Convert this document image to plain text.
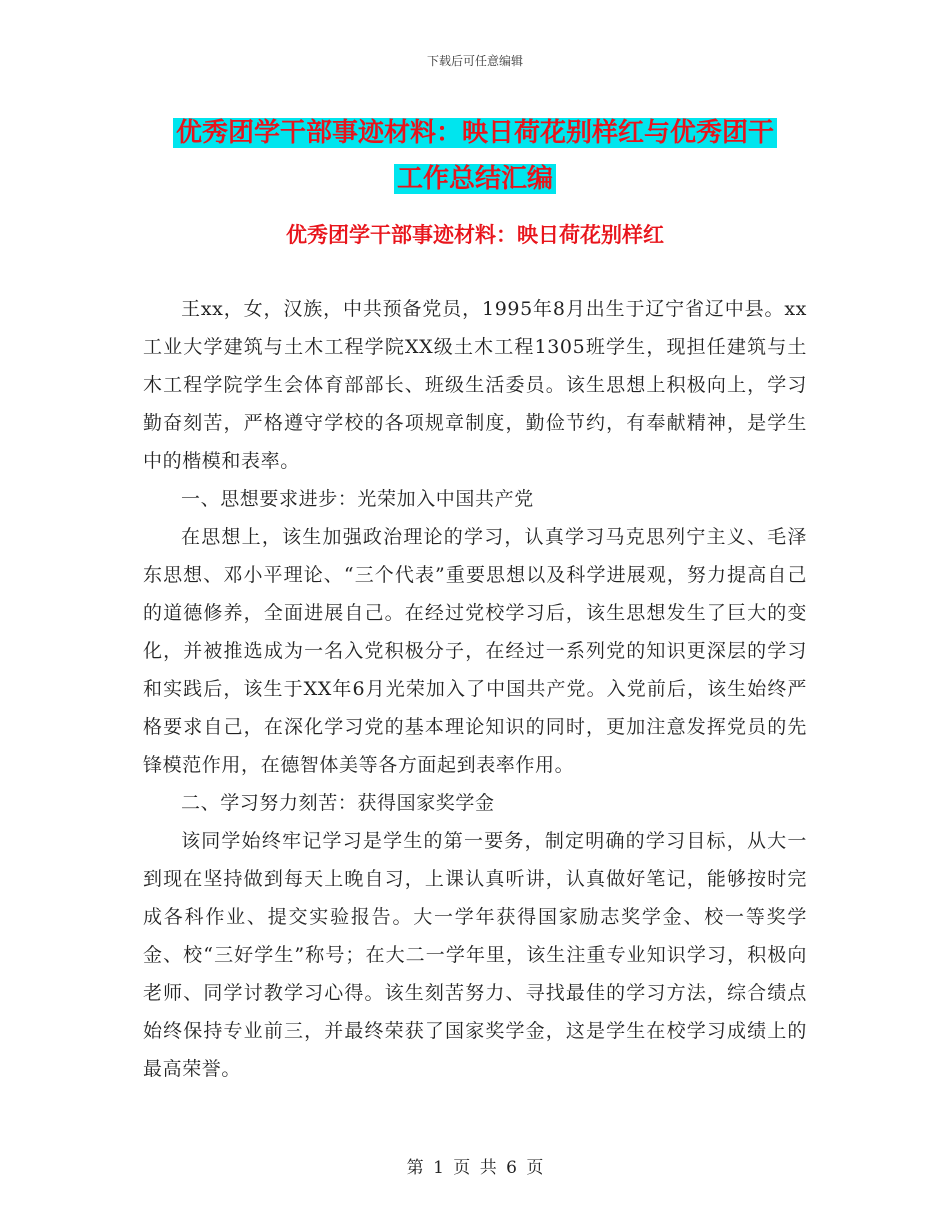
下载后可任意编辑
优秀团学干部事迹材料：映日荷花别样红与优秀团干
工作总结汇编
优秀团学干部事迹材料：映日荷花别样红

王xx，女，汉族，中共预备党员，1995年8月出生于辽宁省辽中县。xx工业大学建筑与土木工程学院XX级土木工程1305班学生，现担任建筑与土木工程学院学生会体育部部长、班级生活委员。该生思想上积极向上，学习勤奋刻苦，严格遵守学校的各项规章制度，勤俭节约，有奉献精神，是学生中的楷模和表率。

一、思想要求进步：光荣加入中国共产党

在思想上，该生加强政治理论的学习，认真学习马克思列宁主义、毛泽东思想、邓小平理论、“三个代表”重要思想以及科学进展观，努力提高自己的道德修养，全面进展自己。在经过党校学习后，该生思想发生了巨大的变化，并被推选成为一名入党积极分子，在经过一系列党的知识更深层的学习和实践后，该生于XX年6月光荣加入了中国共产党。入党前后，该生始终严格要求自己，在深化学习党的基本理论知识的同时，更加注意发挥党员的先锋模范作用，在德智体美等各方面起到表率作用。

二、学习努力刻苦：获得国家奖学金

该同学始终牢记学习是学生的第一要务，制定明确的学习目标，从大一到现在坚持做到每天上晚自习，上课认真听讲，认真做好笔记，能够按时完成各科作业、提交实验报告。大一学年获得国家励志奖学金、校一等奖学金、校“三好学生”称号；在大二一学年里，该生注重专业知识学习，积极向老师、同学讨教学习心得。该生刻苦努力、寻找最佳的学习方法，综合绩点始终保持专业前三，并最终荣获了国家奖学金，这是学生在校学习成绩上的最高荣誉。

第 1 页 共 6 页
